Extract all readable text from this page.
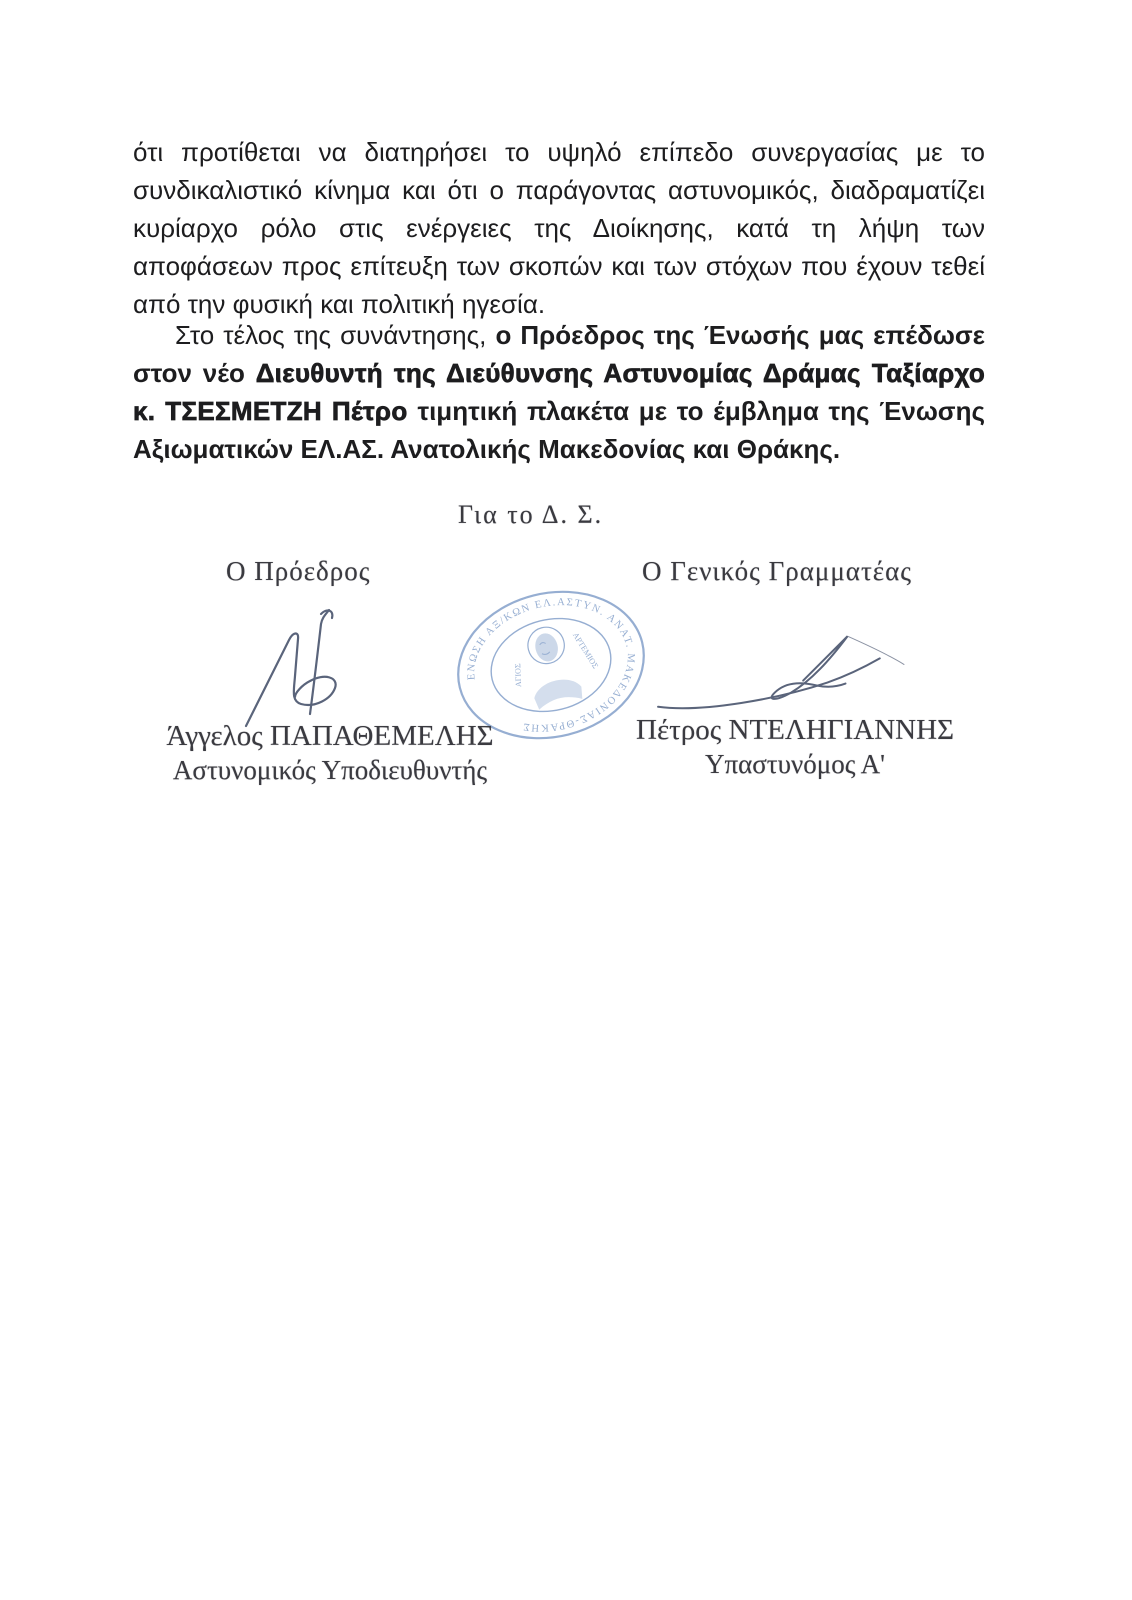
ότι προτίθεται να διατηρήσει το υψηλό επίπεδο συνεργασίας με το
συνδικαλιστικό κίνημα και ότι ο παράγοντας αστυνομικός, διαδραματίζει
κυρίαρχο ρόλο στις ενέργειες της Διοίκησης, κατά τη λήψη των
αποφάσεων προς επίτευξη των σκοπών και των στόχων που έχουν τεθεί
από την φυσική και πολιτική ηγεσία.
Στο τέλος της συνάντησης, ο Πρόεδρος της Ένωσής μας επέδωσε
στον νέο Διευθυντή της Διεύθυνσης Αστυνομίας Δράμας Ταξίαρχο
κ. ΤΣΕΣΜΕΤΖΗ Πέτρο τιμητική πλακέτα με το έμβλημα της Ένωσης
Αξιωματικών ΕΛ.ΑΣ. Ανατολικής Μακεδονίας και Θράκης.
Για το Δ. Σ.
Ο Πρόεδρος	Ο Γενικός Γραμματέας
ΕΝΩΣΗ ΑΞ/ΚΩΝ ΕΛ.ΑΣΤΥΝ. ΑΝΑΤ. ΜΑΚΕΔΟΝΙΑΣ-ΘΡΑΚΗΣ
ΑΓΙΟΣ
ΑΡΤΕΜΙΟΣ
Άγγελος ΠΑΠΑΘΕΜΕΛΗΣ
Αστυνομικός Υποδιευθυντής
Πέτρος ΝΤΕΛΗΓΙΑΝΝΗΣ
Υπαστυνόμος Α'
